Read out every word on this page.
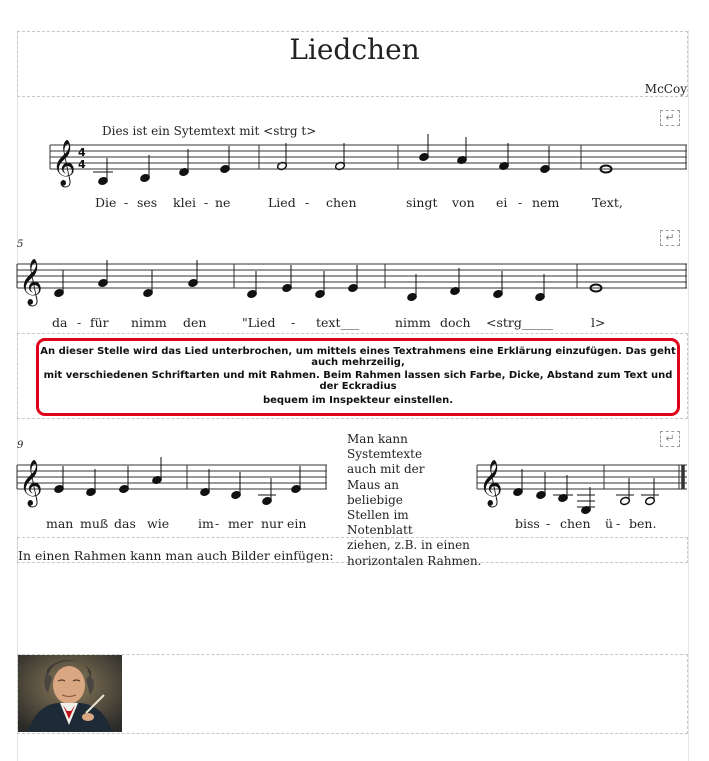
Liedchen
McCoy
Dies ist ein Sytemtext mit <strg t>
5
9
↵
↵
↵
𝄞
𝄞
𝄞	𝄞
4
4
Die - ses klei - ne	Lied - chen	singt von ei - nem	Text,
da - für nimm den	"Lied - text___	nimm doch <strg_____	l>
An dieser Stelle wird das Lied unterbrochen, um mittels eines Textrahmens eine Erklärung einzufügen. Das geht auch mehrzeilig,
mit verschiedenen Schriftarten und mit Rahmen. Beim Rahmen lassen sich Farbe, Dicke, Abstand zum Text und der Eckradius
bequem im Inspekteur einstellen.
man muß das wie im - mer nur ein	biss - chen ü - ben.
Man kann
Systemtexte
auch mit der
Maus an
beliebige
Stellen im
Notenblatt
ziehen, z.B. in einen
horizontalen Rahmen.
In einen Rahmen kann man auch Bilder einfügen:
